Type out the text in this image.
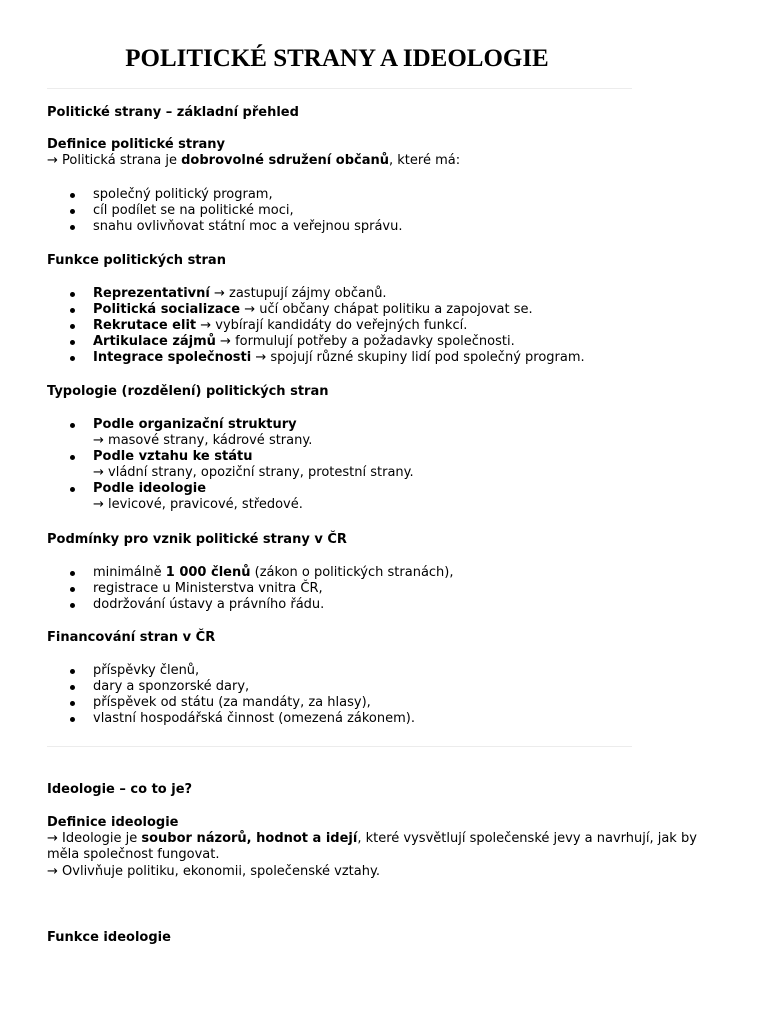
POLITICKÉ STRANY A IDEOLOGIE

Politické strany – základní přehled

Definice politické strany

→ Politická strana je dobrovolné sdružení občanů, které má:

společný politický program,
cíl podílet se na politické moci,
snahu ovlivňovat státní moc a veřejnou správu.

Funkce politických stran

Reprezentativní → zastupují zájmy občanů.
Politická socializace → učí občany chápat politiku a zapojovat se.
Rekrutace elit → vybírají kandidáty do veřejných funkcí.
Artikulace zájmů → formulují potřeby a požadavky společnosti.
Integrace společnosti → spojují různé skupiny lidí pod společný program.

Typologie (rozdělení) politických stran

Podle organizační struktury
→ masové strany, kádrové strany.
Podle vztahu ke státu
→ vládní strany, opoziční strany, protestní strany.
Podle ideologie
→ levicové, pravicové, středové.

Podmínky pro vznik politické strany v ČR

minimálně 1 000 členů (zákon o politických stranách),
registrace u Ministerstva vnitra ČR,
dodržování ústavy a právního řádu.

Financování stran v ČR

příspěvky členů,
dary a sponzorské dary,
příspěvek od státu (za mandáty, za hlasy),
vlastní hospodářská činnost (omezená zákonem).

Ideologie – co to je?

Definice ideologie

→ Ideologie je soubor názorů, hodnot a idejí, které vysvětlují společenské jevy a navrhují, jak by měla společnost fungovat.

→ Ovlivňuje politiku, ekonomii, společenské vztahy.

Funkce ideologie
